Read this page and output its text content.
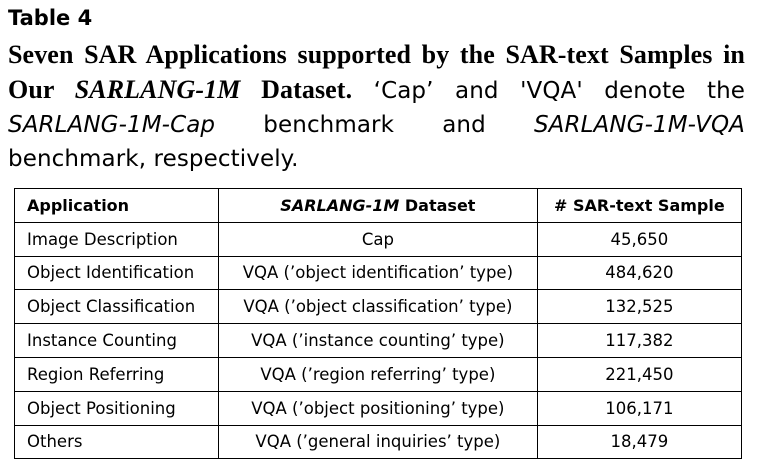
Table 4
Seven SAR Applications supported by the SAR-text Samples in Our SARLANG-1M Dataset. ‘Cap’ and 'VQA' denote the SARLANG-1M-Cap benchmark and SARLANG-1M-VQA benchmark, respectively.
Application	SARLANG-1M Dataset	# SAR-text Sample
Image Description	Cap	45,650
Object Identification	VQA (’object identification’ type)	484,620
Object Classification	VQA (’object classification’ type)	132,525
Instance Counting	VQA (’instance counting’ type)	117,382
Region Referring	VQA (’region referring’ type)	221,450
Object Positioning	VQA (’object positioning’ type)	106,171
Others	VQA (’general inquiries’ type)	18,479
